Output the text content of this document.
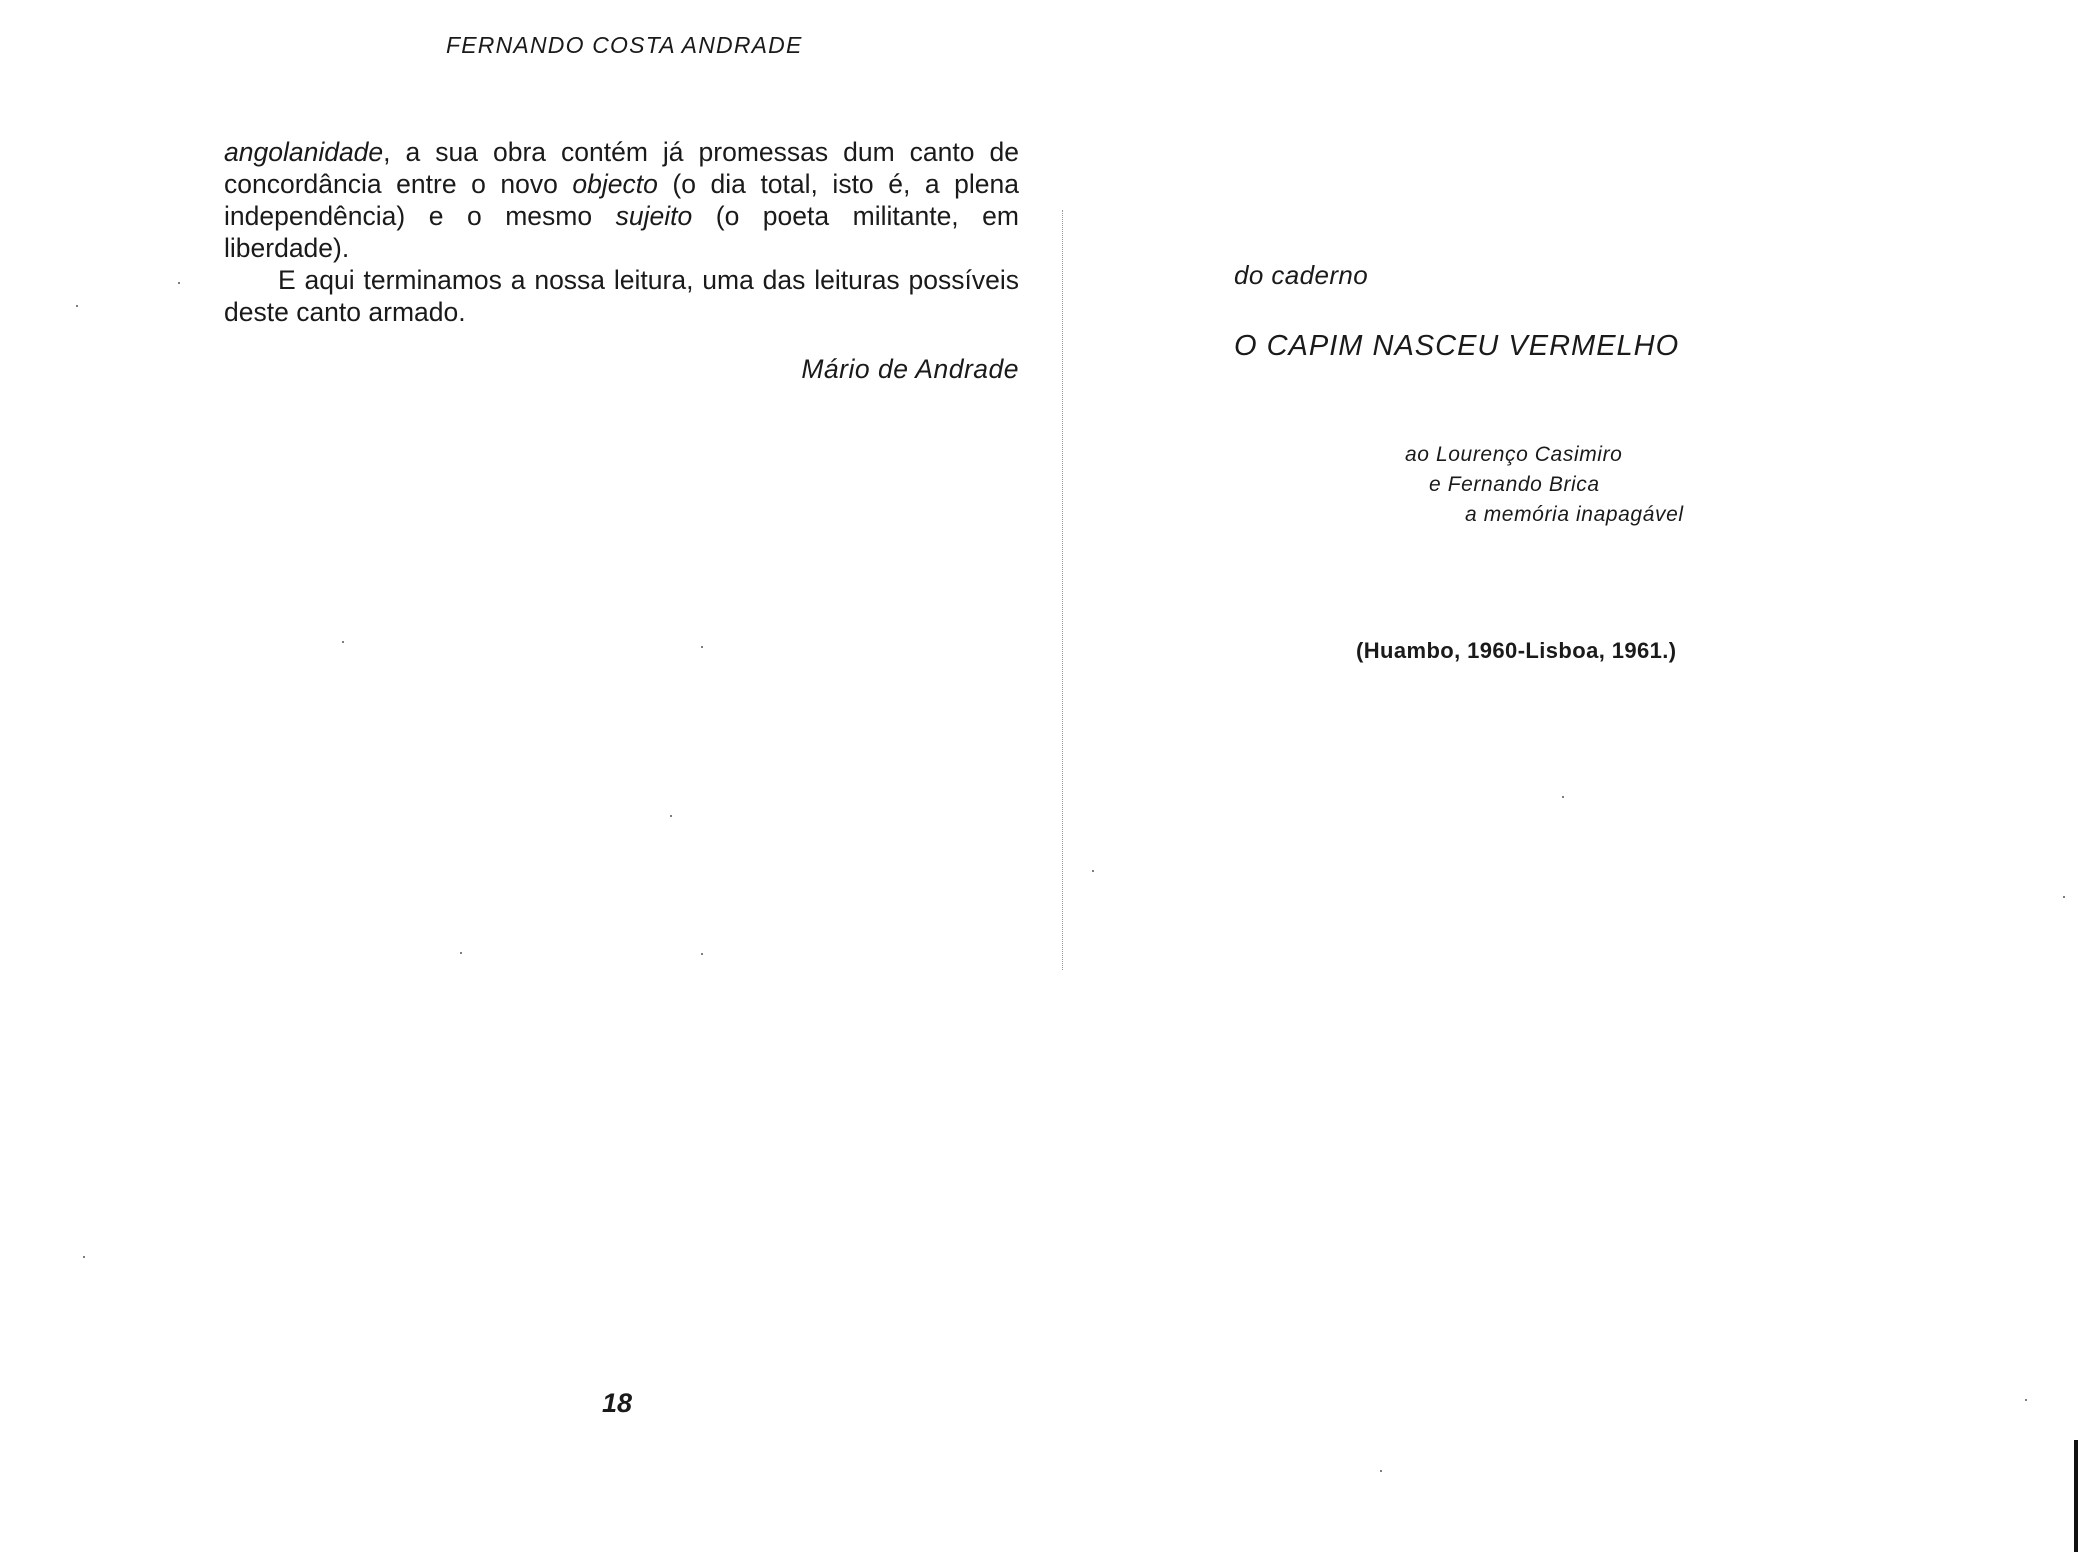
FERNANDO COSTA ANDRADE

angolanidade, a sua obra contém já promessas dum canto de concordância entre o novo objecto (o dia total, isto é, a plena independência) e o mesmo sujeito (o poeta militante, em liberdade).

E aqui terminamos a nossa leitura, uma das leituras possíveis deste canto armado.

Mário de Andrade
18
do caderno
O CAPIM NASCEU VERMELHO
ao Lourenço Casimiro
e Fernando Brica
a memória inapagável
(Huambo, 1960-Lisboa, 1961.)
